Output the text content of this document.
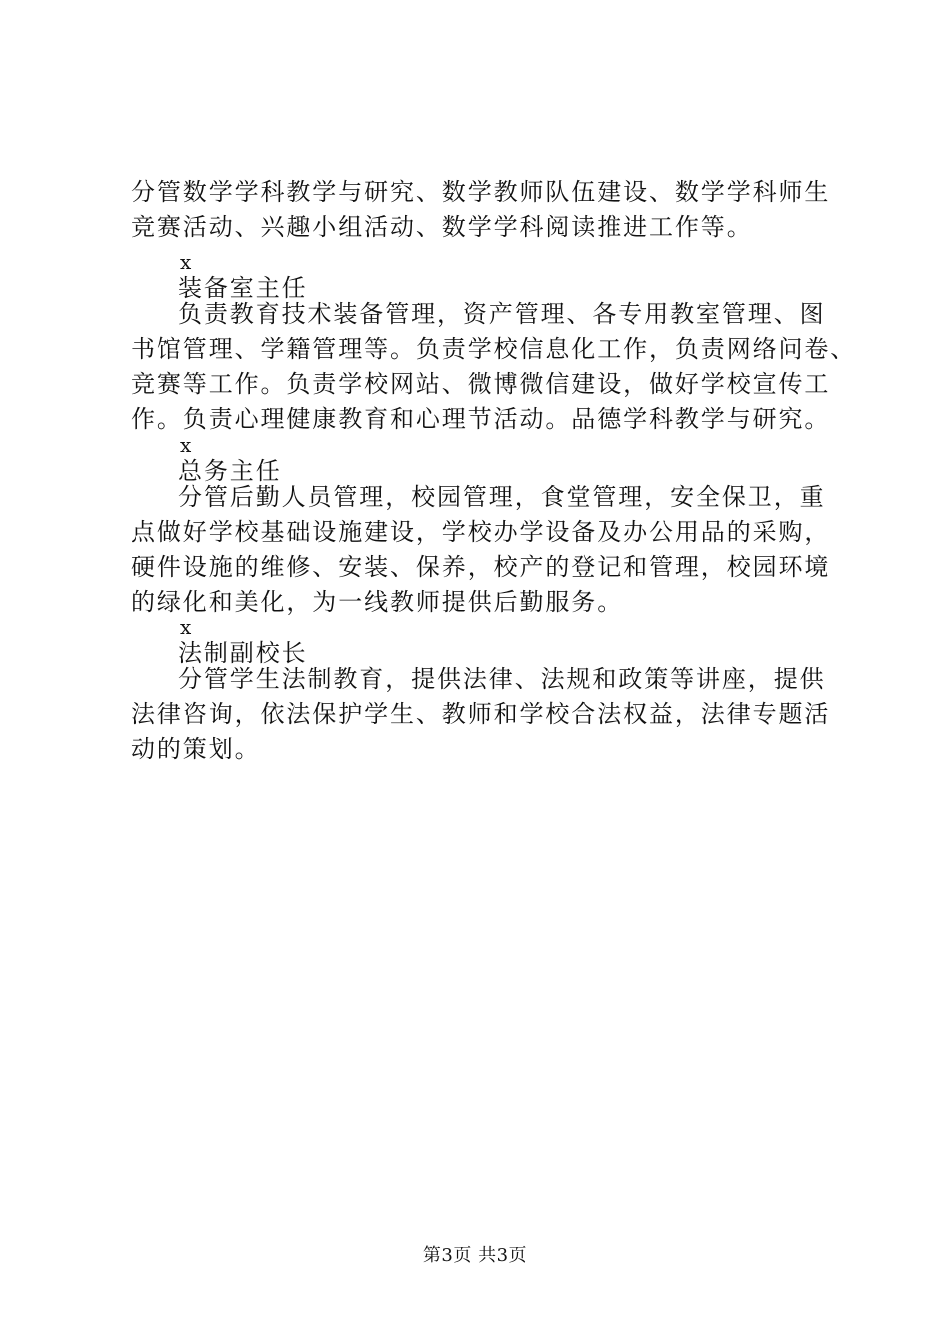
分管数学学科教学与研究、数学教师队伍建设、数学学科师生
竞赛活动、兴趣小组活动、数学学科阅读推进工作等。
x
装备室主任
负责教育技术装备管理，资产管理、各专用教室管理、图
书馆管理、学籍管理等。负责学校信息化工作，负责网络问卷、
竞赛等工作。负责学校网站、微博微信建设，做好学校宣传工
作。负责心理健康教育和心理节活动。品德学科教学与研究。
x
总务主任
分管后勤人员管理，校园管理，食堂管理，安全保卫，重
点做好学校基础设施建设，学校办学设备及办公用品的采购，
硬件设施的维修、安装、保养，校产的登记和管理，校园环境
的绿化和美化，为一线教师提供后勤服务。
x
法制副校长
分管学生法制教育，提供法律、法规和政策等讲座，提供
法律咨询，依法保护学生、教师和学校合法权益，法律专题活
动的策划。
第3页 共3页
